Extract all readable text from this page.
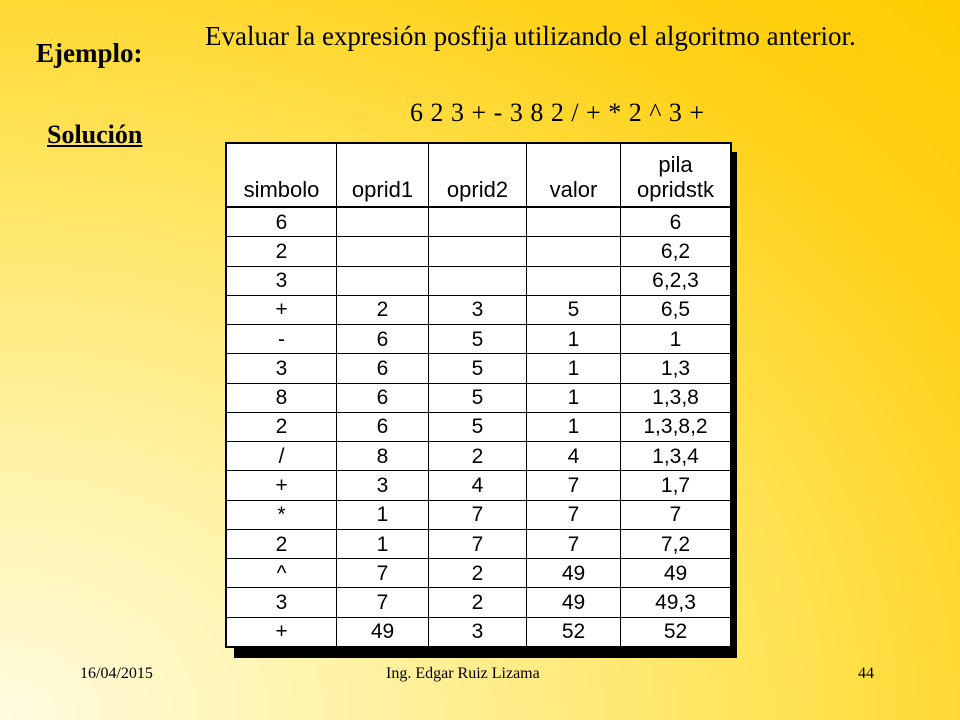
Ejemplo:
Evaluar la expresión posfija utilizando el algoritmo anterior.
6 2 3 + - 3 8 2 / + * 2 ^ 3 +
Solución
simbolo	oprid1	oprid2	valor	pila
opridstk
6				6
2				6,2
3				6,2,3
+	2	3	5	6,5
-	6	5	1	1
3	6	5	1	1,3
8	6	5	1	1,3,8
2	6	5	1	1,3,8,2
/	8	2	4	1,3,4
+	3	4	7	1,7
*	1	7	7	7
2	1	7	7	7,2
^	7	2	49	49
3	7	2	49	49,3
+	49	3	52	52
16/04/2015	Ing. Edgar Ruiz Lizama	44
